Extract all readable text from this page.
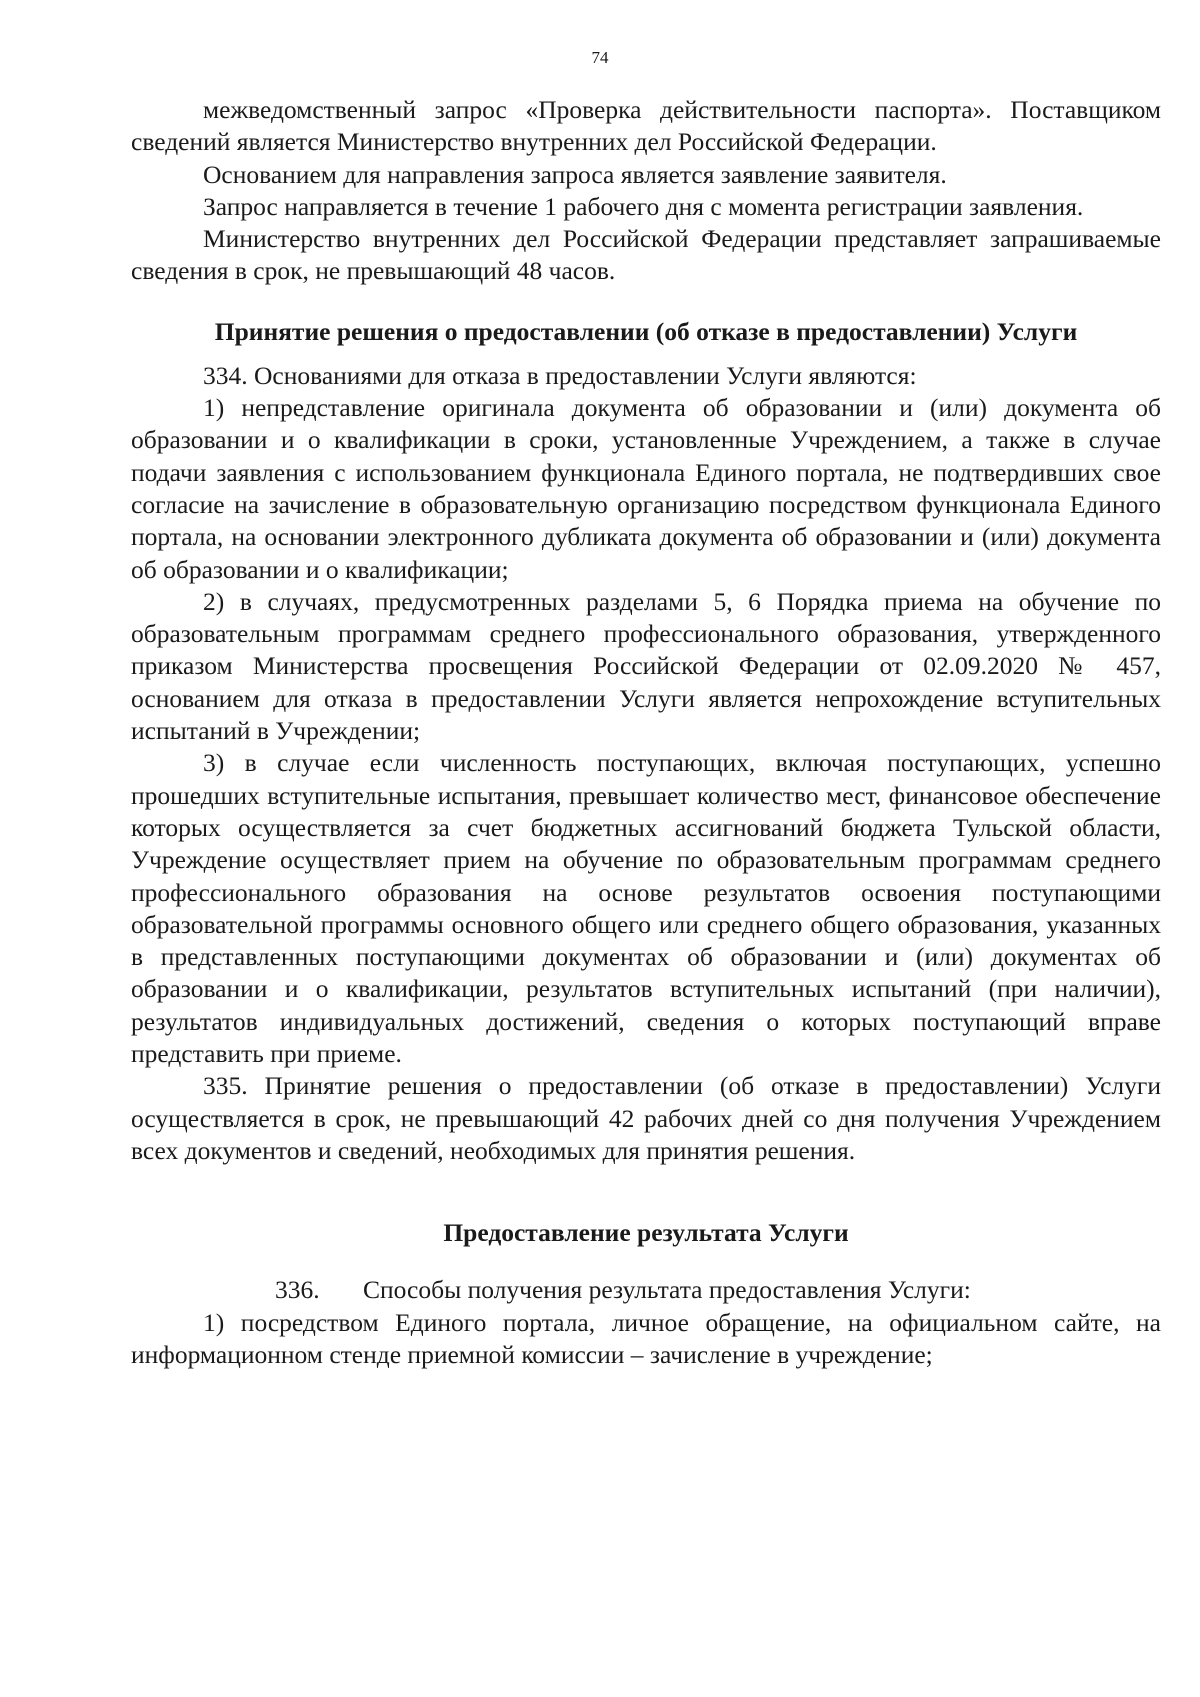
74

межведомственный запрос «Проверка действительности паспорта». Поставщиком сведений является Министерство внутренних дел Российской Федерации.

Основанием для направления запроса является заявление заявителя.

Запрос направляется в течение 1 рабочего дня с момента регистрации заявления.

Министерство внутренних дел Российской Федерации представляет запрашиваемые сведения в срок, не превышающий 48 часов.

Принятие решения о предоставлении (об отказе в предоставлении) Услуги

334. Основаниями для отказа в предоставлении Услуги являются:

1) непредставление оригинала документа об образовании и (или) документа об образовании и о квалификации в сроки, установленные Учреждением, а также в случае подачи заявления с использованием функционала Единого портала, не подтвердивших свое согласие на зачисление в образовательную организацию посредством функционала Единого портала, на основании электронного дубликата документа об образовании и (или) документа об образовании и о квалификации;

2) в случаях, предусмотренных разделами 5, 6 Порядка приема на обучение по образовательным программам среднего профессионального образования, утвержденного приказом Министерства просвещения Российской Федерации от 02.09.2020 № 457, основанием для отказа в предоставлении Услуги является непрохождение вступительных испытаний в Учреждении;

3) в случае если численность поступающих, включая поступающих, успешно прошедших вступительные испытания, превышает количество мест, финансовое обеспечение которых осуществляется за счет бюджетных ассигнований бюджета Тульской области, Учреждение осуществляет прием на обучение по образовательным программам среднего профессионального образования на основе результатов освоения поступающими образовательной программы основного общего или среднего общего образования, указанных в представленных поступающими документах об образовании и (или) документах об образовании и о квалификации, результатов вступительных испытаний (при наличии), результатов индивидуальных достижений, сведения о которых поступающий вправе представить при приеме.

335. Принятие решения о предоставлении (об отказе в предоставлении) Услуги осуществляется в срок, не превышающий 42 рабочих дней со дня получения Учреждением всех документов и сведений, необходимых для принятия решения.

Предоставление результата Услуги

336. Способы получения результата предоставления Услуги:

1) посредством Единого портала, личное обращение, на официальном сайте, на информационном стенде приемной комиссии – зачисление в учреждение;
